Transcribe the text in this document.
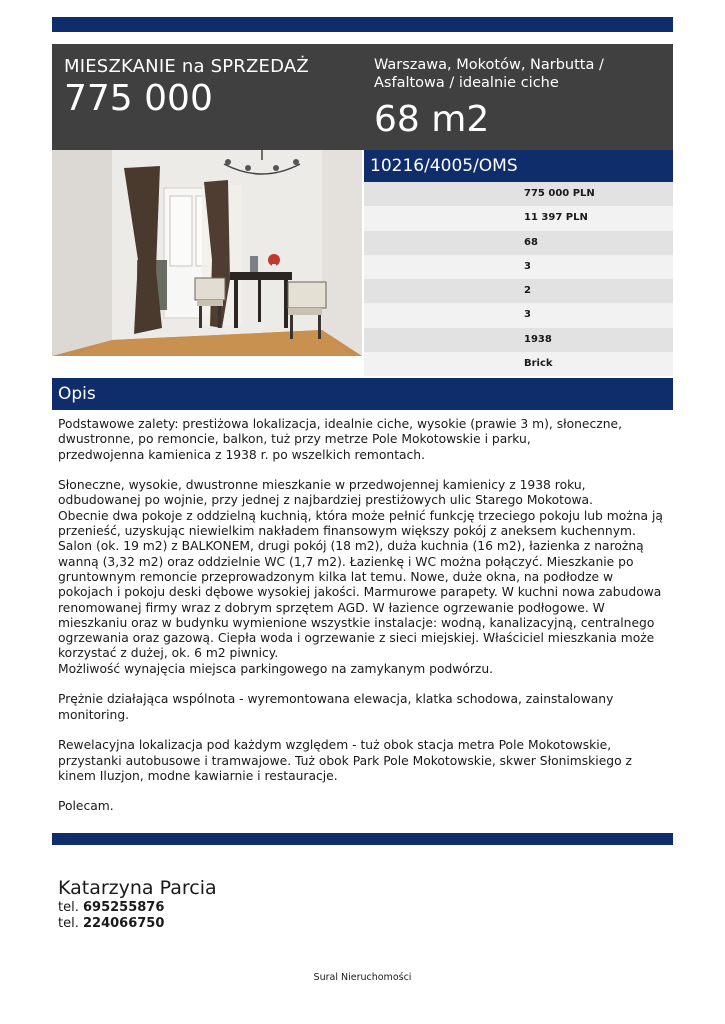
MIESZKANIE na SPRZEDAŻ
775 000
Warszawa, Mokotów, Narbutta / Asfaltowa / idealnie ciche
68 m2
10216/4005/OMS
775 000 PLN
11 397 PLN
68
3
2
3
1938
Brick
Opis
Podstawowe zalety: prestiżowa lokalizacja, idealnie ciche, wysokie (prawie 3 m), słoneczne,
dwustronne, po remoncie, balkon, tuż przy metrze Pole Mokotowskie i parku,
przedwojenna kamienica z 1938 r. po wszelkich remontach.

Słoneczne, wysokie, dwustronne mieszkanie w przedwojennej kamienicy z 1938 roku,
odbudowanej po wojnie, przy jednej z najbardziej prestiżowych ulic Starego Mokotowa.
Obecnie dwa pokoje z oddzielną kuchnią, która może pełnić funkcję trzeciego pokoju lub można ją
przenieść, uzyskując niewielkim nakładem finansowym większy pokój z aneksem kuchennym.
Salon (ok. 19 m2) z BALKONEM, drugi pokój (18 m2), duża kuchnia (16 m2), łazienka z narożną
wanną (3,32 m2) oraz oddzielnie WC (1,7 m2). Łazienkę i WC można połączyć. Mieszkanie po
gruntownym remoncie przeprowadzonym kilka lat temu. Nowe, duże okna, na podłodze w
pokojach i pokoju deski dębowe wysokiej jakości. Marmurowe parapety. W kuchni nowa zabudowa
renomowanej firmy wraz z dobrym sprzętem AGD. W łazience ogrzewanie podłogowe. W
mieszkaniu oraz w budynku wymienione wszystkie instalacje: wodną, kanalizacyjną, centralnego
ogrzewania oraz gazową. Ciepła woda i ogrzewanie z sieci miejskiej. Właściciel mieszkania może
korzystać z dużej, ok. 6 m2 piwnicy.
Możliwość wynajęcia miejsca parkingowego na zamykanym podwórzu.

Prężnie działająca wspólnota - wyremontowana elewacja, klatka schodowa, zainstalowany
monitoring.

Rewelacyjna lokalizacja pod każdym względem - tuż obok stacja metra Pole Mokotowskie,
przystanki autobusowe i tramwajowe. Tuż obok Park Pole Mokotowskie, skwer Słonimskiego z
kinem Iluzjon, modne kawiarnie i restauracje.

Polecam.
Katarzyna Parcia
tel. 695255876
tel. 224066750
Sural Nieruchomości
